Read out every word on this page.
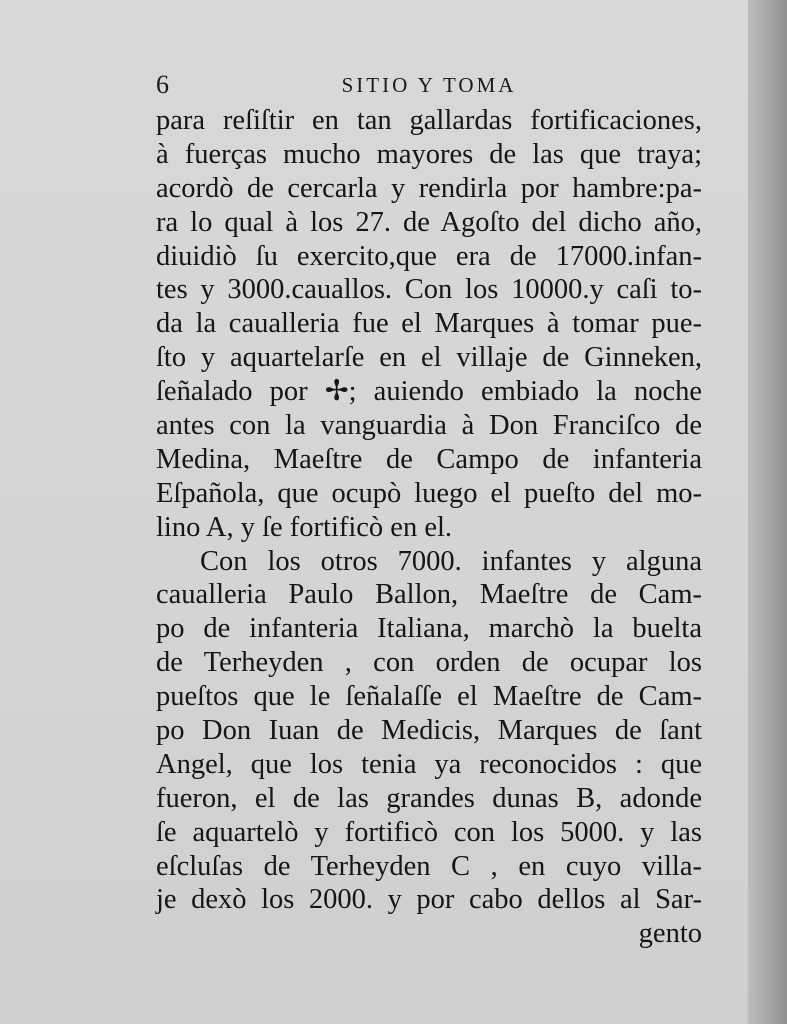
6	SITIO Y TOMA
para reſiſtir en tan gallardas fortificaciones,
à fuerças mucho mayores de las que traya;
acordò de cercarla y rendirla por hambre:pa-
ra lo qual à los 27. de Agoſto del dicho año,
diuidiò ſu exercito,que era de 17000.infan-
tes y 3000.cauallos. Con los 10000.y caſi to-
da la caualleria fue el Marques à tomar pue-
ſto y aquartelarſe en el villaje de Ginneken,
ſeñalado por ✢; auiendo embiado la noche
antes con la vanguardia à Don Franciſco de
Medina, Maeſtre de Campo de infanteria
Eſpañola, que ocupò luego el pueſto del mo-
lino A, y ſe fortificò en el.
Con los otros 7000. infantes y alguna
caualleria Paulo Ballon, Maeſtre de Cam-
po de infanteria Italiana, marchò la buelta
de Terheyden , con orden de ocupar los
pueſtos que le ſeñalaſſe el Maeſtre de Cam-
po Don Iuan de Medicis, Marques de ſant
Angel, que los tenia ya reconocidos : que
fueron, el de las grandes dunas B, adonde
ſe aquartelò y fortificò con los 5000. y las
eſcluſas de Terheyden C , en cuyo villa-
je dexò los 2000. y por cabo dellos al Sar-
gento
